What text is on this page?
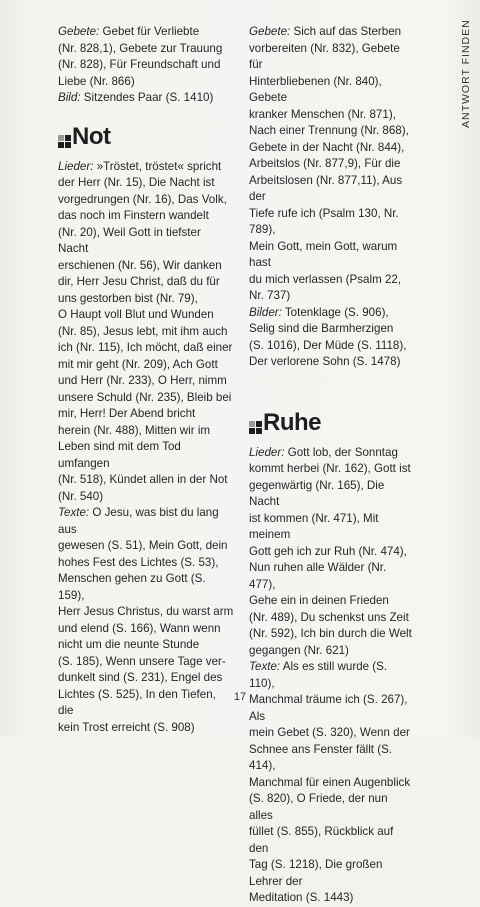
ANTWORT FINDEN
Gebete: Gebet für Verliebte
(Nr. 828,1), Gebete zur Trauung
(Nr. 828), Für Freundschaft und
Liebe (Nr. 866)
Bild: Sitzendes Paar (S. 1410)
Not
Lieder: »Tröstet, tröstet« spricht
der Herr (Nr. 15), Die Nacht ist
vorgedrungen (Nr. 16), Das Volk,
das noch im Finstern wandelt
(Nr. 20), Weil Gott in tiefster Nacht
erschienen (Nr. 56), Wir danken
dir, Herr Jesu Christ, daß du für
uns gestorben bist (Nr. 79),
O Haupt voll Blut und Wunden
(Nr. 85), Jesus lebt, mit ihm auch
ich (Nr. 115), Ich möcht, daß einer
mit mir geht (Nr. 209), Ach Gott
und Herr (Nr. 233), O Herr, nimm
unsere Schuld (Nr. 235), Bleib bei
mir, Herr! Der Abend bricht
herein (Nr. 488), Mitten wir im
Leben sind mit dem Tod umfangen
(Nr. 518), Kündet allen in der Not
(Nr. 540)
Texte: O Jesu, was bist du lang aus
gewesen (S. 51), Mein Gott, dein
hohes Fest des Lichtes (S. 53),
Menschen gehen zu Gott (S. 159),
Herr Jesus Christus, du warst arm
und elend (S. 166), Wann wenn
nicht um die neunte Stunde
(S. 185), Wenn unsere Tage ver-
dunkelt sind (S. 231), Engel des
Lichtes (S. 525), In den Tiefen, die
kein Trost erreicht (S. 908)
Gebete: Sich auf das Sterben
vorbereiten (Nr. 832), Gebete für
Hinterbliebenen (Nr. 840), Gebete
kranker Menschen (Nr. 871),
Nach einer Trennung (Nr. 868),
Gebete in der Nacht (Nr. 844),
Arbeitslos (Nr. 877,9), Für die
Arbeitslosen (Nr. 877,11), Aus der
Tiefe rufe ich (Psalm 130, Nr. 789),
Mein Gott, mein Gott, warum hast
du mich verlassen (Psalm 22,
Nr. 737)
Bilder: Totenklage (S. 906),
Selig sind die Barmherzigen
(S. 1016), Der Müde (S. 1118),
Der verlorene Sohn (S. 1478)
Ruhe
Lieder: Gott lob, der Sonntag
kommt herbei (Nr. 162), Gott ist
gegenwärtig (Nr. 165), Die Nacht
ist kommen (Nr. 471), Mit meinem
Gott geh ich zur Ruh (Nr. 474),
Nun ruhen alle Wälder (Nr. 477),
Gehe ein in deinen Frieden
(Nr. 489), Du schenkst uns Zeit
(Nr. 592), Ich bin durch die Welt
gegangen (Nr. 621)
Texte: Als es still wurde (S. 110),
Manchmal träume ich (S. 267), Als
mein Gebet (S. 320), Wenn der
Schnee ans Fenster fällt (S. 414),
Manchmal für einen Augenblick
(S. 820), O Friede, der nun alles
füllet (S. 855), Rückblick auf den
Tag (S. 1218), Die großen Lehrer der
Meditation (S. 1443)
17
